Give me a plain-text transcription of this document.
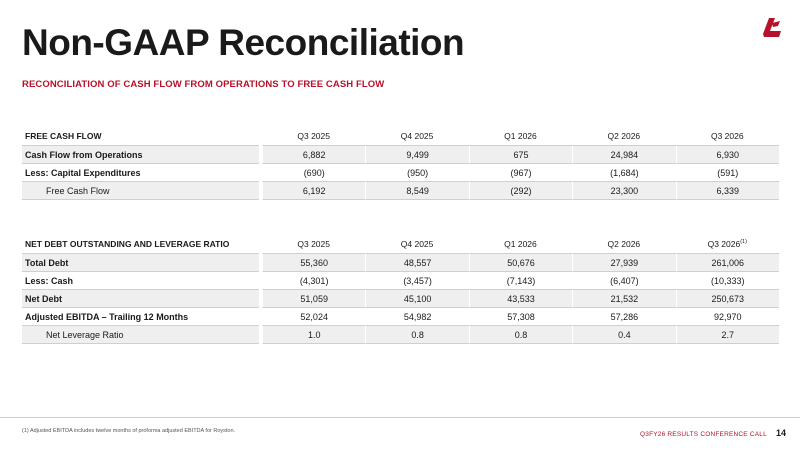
Non-GAAP Reconciliation
RECONCILIATION OF CASH FLOW FROM OPERATIONS TO FREE CASH FLOW
FREE CASH FLOW		Q3 2025	Q4 2025	Q1 2026	Q2 2026	Q3 2026
Cash Flow from Operations		6,882	9,499	675	24,984	6,930
Less: Capital Expenditures		(690)	(950)	(967)	(1,684)	(591)
Free Cash Flow		6,192	8,549	(292)	23,300	6,339
NET DEBT OUTSTANDING AND LEVERAGE RATIO		Q3 2025	Q4 2025	Q1 2026	Q2 2026	Q3 2026$^{(1)}$
Total Debt		55,360	48,557	50,676	27,939	261,006
Less: Cash		(4,301)	(3,457)	(7,143)	(6,407)	(10,333)
Net Debt		51,059	45,100	43,533	21,532	250,673
Adjusted EBITDA – Trailing 12 Months		52,024	54,982	57,308	57,286	92,970
Net Leverage Ratio		1.0	0.8	0.8	0.4	2.7
(1) Adjusted EBITDA includes twelve months of proforma adjusted EBITDA for Royston.	Q3FY26 RESULTS CONFERENCE CALL 14
